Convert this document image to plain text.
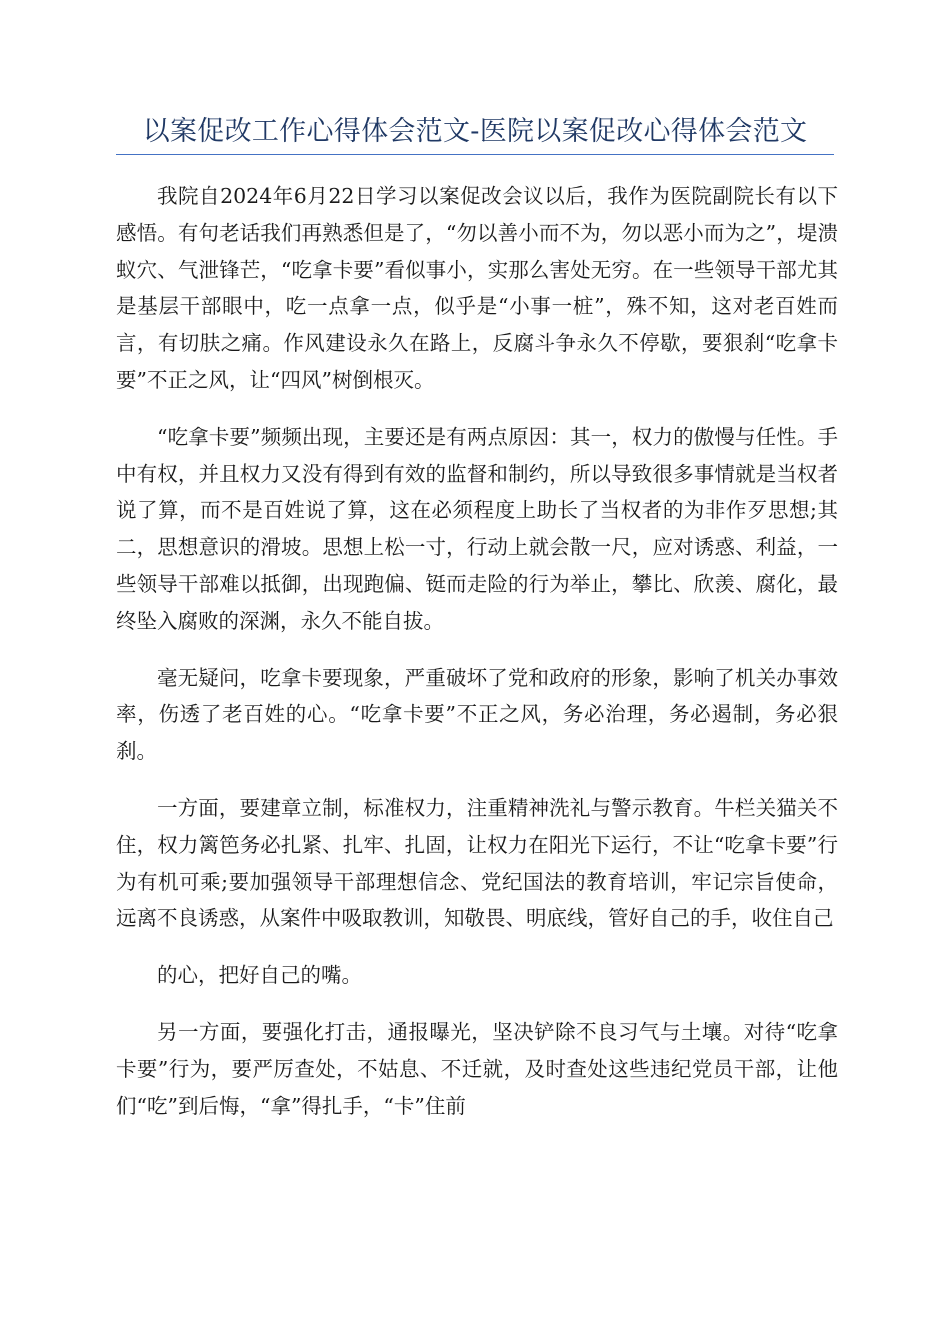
以案促改工作心得体会范文-医院以案促改心得体会范文

我院自2024年6月22日学习以案促改会议以后，我作为医院副院长有以下感悟。有句老话我们再熟悉但是了，“勿以善小而不为，勿以恶小而为之”，堤溃蚁穴、气泄锋芒，“吃拿卡要”看似事小，实那么害处无穷。在一些领导干部尤其是基层干部眼中，吃一点拿一点，似乎是“小事一桩”，殊不知，这对老百姓而言，有切肤之痛。作风建设永久在路上，反腐斗争永久不停歇，要狠刹“吃拿卡要”不正之风，让“四风”树倒根灭。

“吃拿卡要”频频出现，主要还是有两点原因：其一，权力的傲慢与任性。手中有权，并且权力又没有得到有效的监督和制约，所以导致很多事情就是当权者说了算，而不是百姓说了算，这在必须程度上助长了当权者的为非作歹思想;其二，思想意识的滑坡。思想上松一寸，行动上就会散一尺，应对诱惑、利益，一些领导干部难以抵御，出现跑偏、铤而走险的行为举止，攀比、欣羡、腐化，最终坠入腐败的深渊，永久不能自拔。

毫无疑问，吃拿卡要现象，严重破坏了党和政府的形象，影响了机关办事效率，伤透了老百姓的心。“吃拿卡要”不正之风，务必治理，务必遏制，务必狠刹。

一方面，要建章立制，标准权力，注重精神洗礼与警示教育。牛栏关猫关不住，权力篱笆务必扎紧、扎牢、扎固，让权力在阳光下运行，不让“吃拿卡要”行为有机可乘;要加强领导干部理想信念、党纪国法的教育培训，牢记宗旨使命，远离不良诱惑，从案件中吸取教训，知敬畏、明底线，管好自己的手，收住自己

的心，把好自己的嘴。

另一方面，要强化打击，通报曝光，坚决铲除不良习气与土壤。对待“吃拿卡要”行为，要严厉查处，不姑息、不迁就，及时查处这些违纪党员干部，让他们“吃”到后悔，“拿”得扎手，“卡”住前
